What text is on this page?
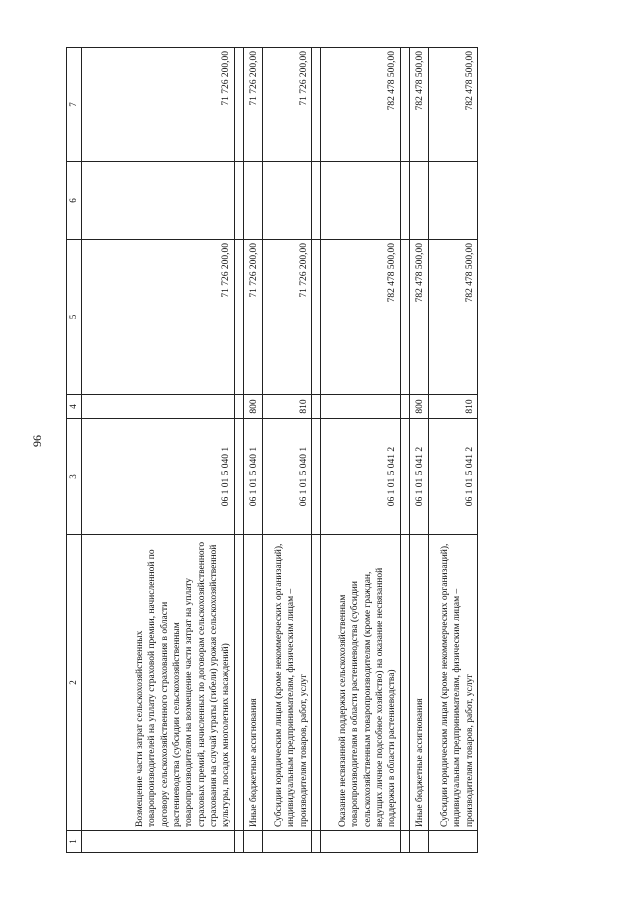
96
1	2	3	4	5	6	7
	Возмещение части затрат сельскохозяйственных товаропроизводителей на уплату страховой премии, начисленной по договору сельскохозяйственного страхования в области растениеводства (субсидии сельскохозяйственным товаропроизводителям на возмещение части затрат на уплату страховых премий, начисленных по договорам сельскохозяйственного страхования на случай утраты (гибели) урожая сельскохозяйственной культуры, посадок многолетних насаждений)	06 1 01 5 040 1		71 726 200,00		71 726 200,00

	Иные бюджетные ассигнования	06 1 01 5 040 1	800	71 726 200,00		71 726 200,00
	Субсидии юридическим лицам (кроме некоммерческих организаций), индивидуальным предпринимателям, физическим лицам – производителям товаров, работ, услуг	06 1 01 5 040 1	810	71 726 200,00		71 726 200,00

	Оказание несвязанной поддержки сельскохозяйственным товаропроизводителям в области растениеводства (субсидии сельскохозяйственным товаропроизводителям (кроме граждан, ведущих личное подсобное хозяйство) на оказание несвязанной поддержки в области растениеводства)	06 1 01 5 041 2		782 478 500,00		782 478 500,00

	Иные бюджетные ассигнования	06 1 01 5 041 2	800	782 478 500,00		782 478 500,00
	Субсидии юридическим лицам (кроме некоммерческих организаций), индивидуальным предпринимателям, физическим лицам – производителям товаров, работ, услуг	06 1 01 5 041 2	810	782 478 500,00		782 478 500,00
